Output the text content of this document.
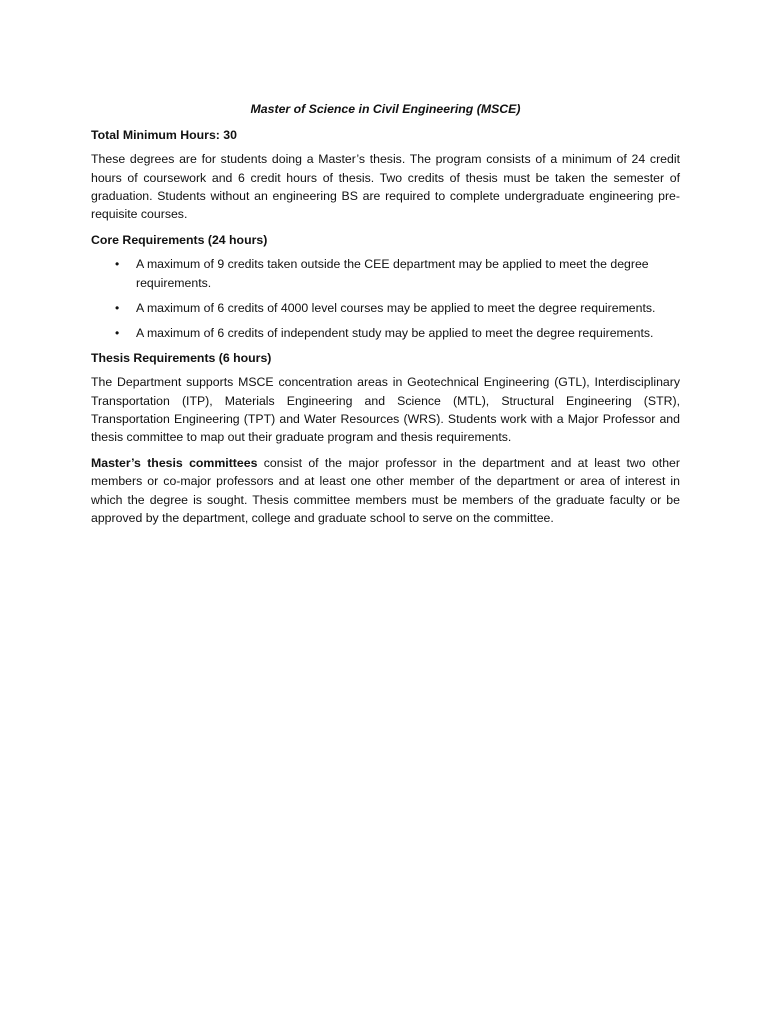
Master of Science in Civil Engineering (MSCE)

Total Minimum Hours: 30

These degrees are for students doing a Master’s thesis. The program consists of a minimum of 24 credit hours of coursework and 6 credit hours of thesis. Two credits of thesis must be taken the semester of graduation. Students without an engineering BS are required to complete undergraduate engineering pre-requisite courses.

Core Requirements (24 hours)

• A maximum of 9 credits taken outside the CEE department may be applied to meet the degree requirements.
• A maximum of 6 credits of 4000 level courses may be applied to meet the degree requirements.
• A maximum of 6 credits of independent study may be applied to meet the degree requirements.

Thesis Requirements (6 hours)

The Department supports MSCE concentration areas in Geotechnical Engineering (GTL), Interdisciplinary Transportation (ITP), Materials Engineering and Science (MTL), Structural Engineering (STR), Transportation Engineering (TPT) and Water Resources (WRS). Students work with a Major Professor and thesis committee to map out their graduate program and thesis requirements.

Master’s thesis committees consist of the major professor in the department and at least two other members or co-major professors and at least one other member of the department or area of interest in which the degree is sought. Thesis committee members must be members of the graduate faculty or be approved by the department, college and graduate school to serve on the committee.
